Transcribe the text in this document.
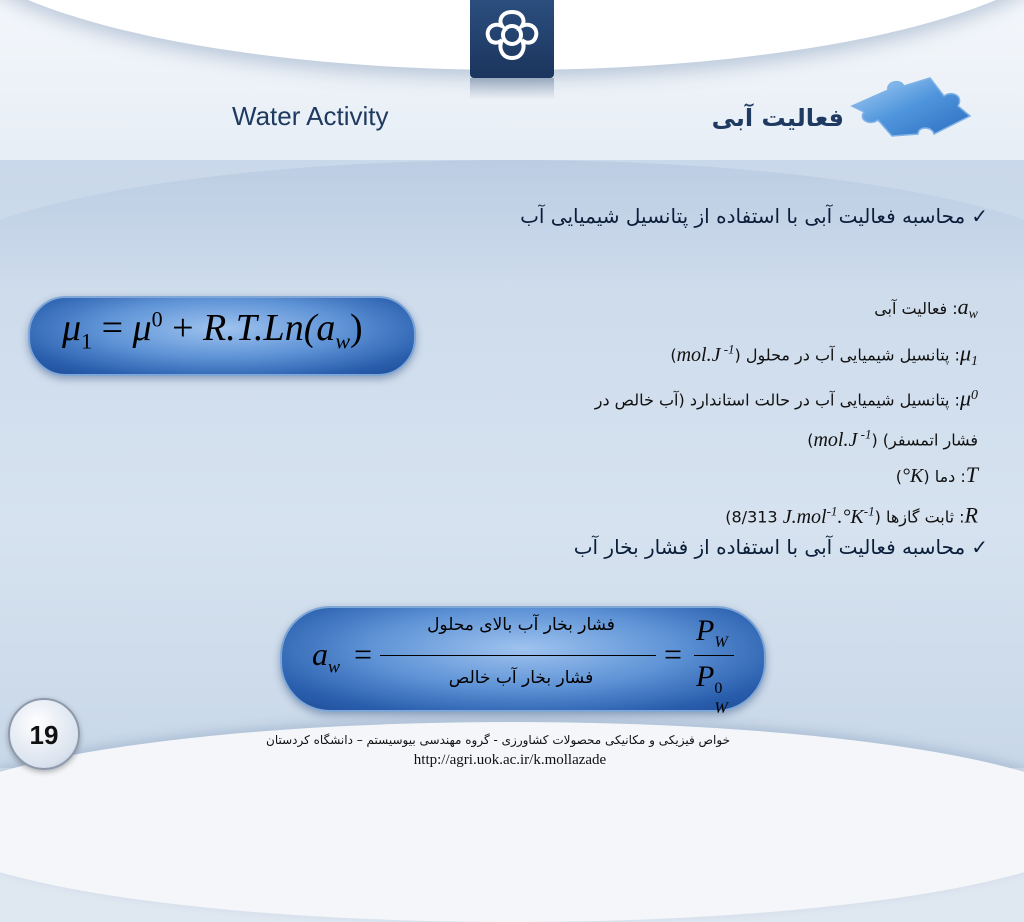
Water Activity	فعالیت آبی
✓محاسبه فعالیت آبی با استفاده از پتانسیل شیمیایی آب
$\mu_1 = \mu^0 + R.T.Ln(a_w)$
$a_w$: فعالیت آبی
$\mu_1$: پتانسیل شیمیایی آب در محلول (mol.J $^{-1}$)
$\mu^0$: پتانسیل شیمیایی آب در حالت استاندارد (آب خالص در
فشار اتمسفر) (mol.J $^{-1}$)
T: دما (°K)
R: ثابت گازها ($J.mol^{-1}.^\circ K^{-1}$ 8/313)
✓محاسبه فعالیت آبی با استفاده از فشار بخار آب
$a_w$ =
فشار بخار آب بالای محلول
فشار بخار آب خالص
=
$P_W$
P 0
W
19	خواص فیزیکی و مکانیکی محصولات کشاورزی - گروه مهندسی بیوسیستم – دانشگاه کردستان
http://agri.uok.ac.ir/k.mollazade
